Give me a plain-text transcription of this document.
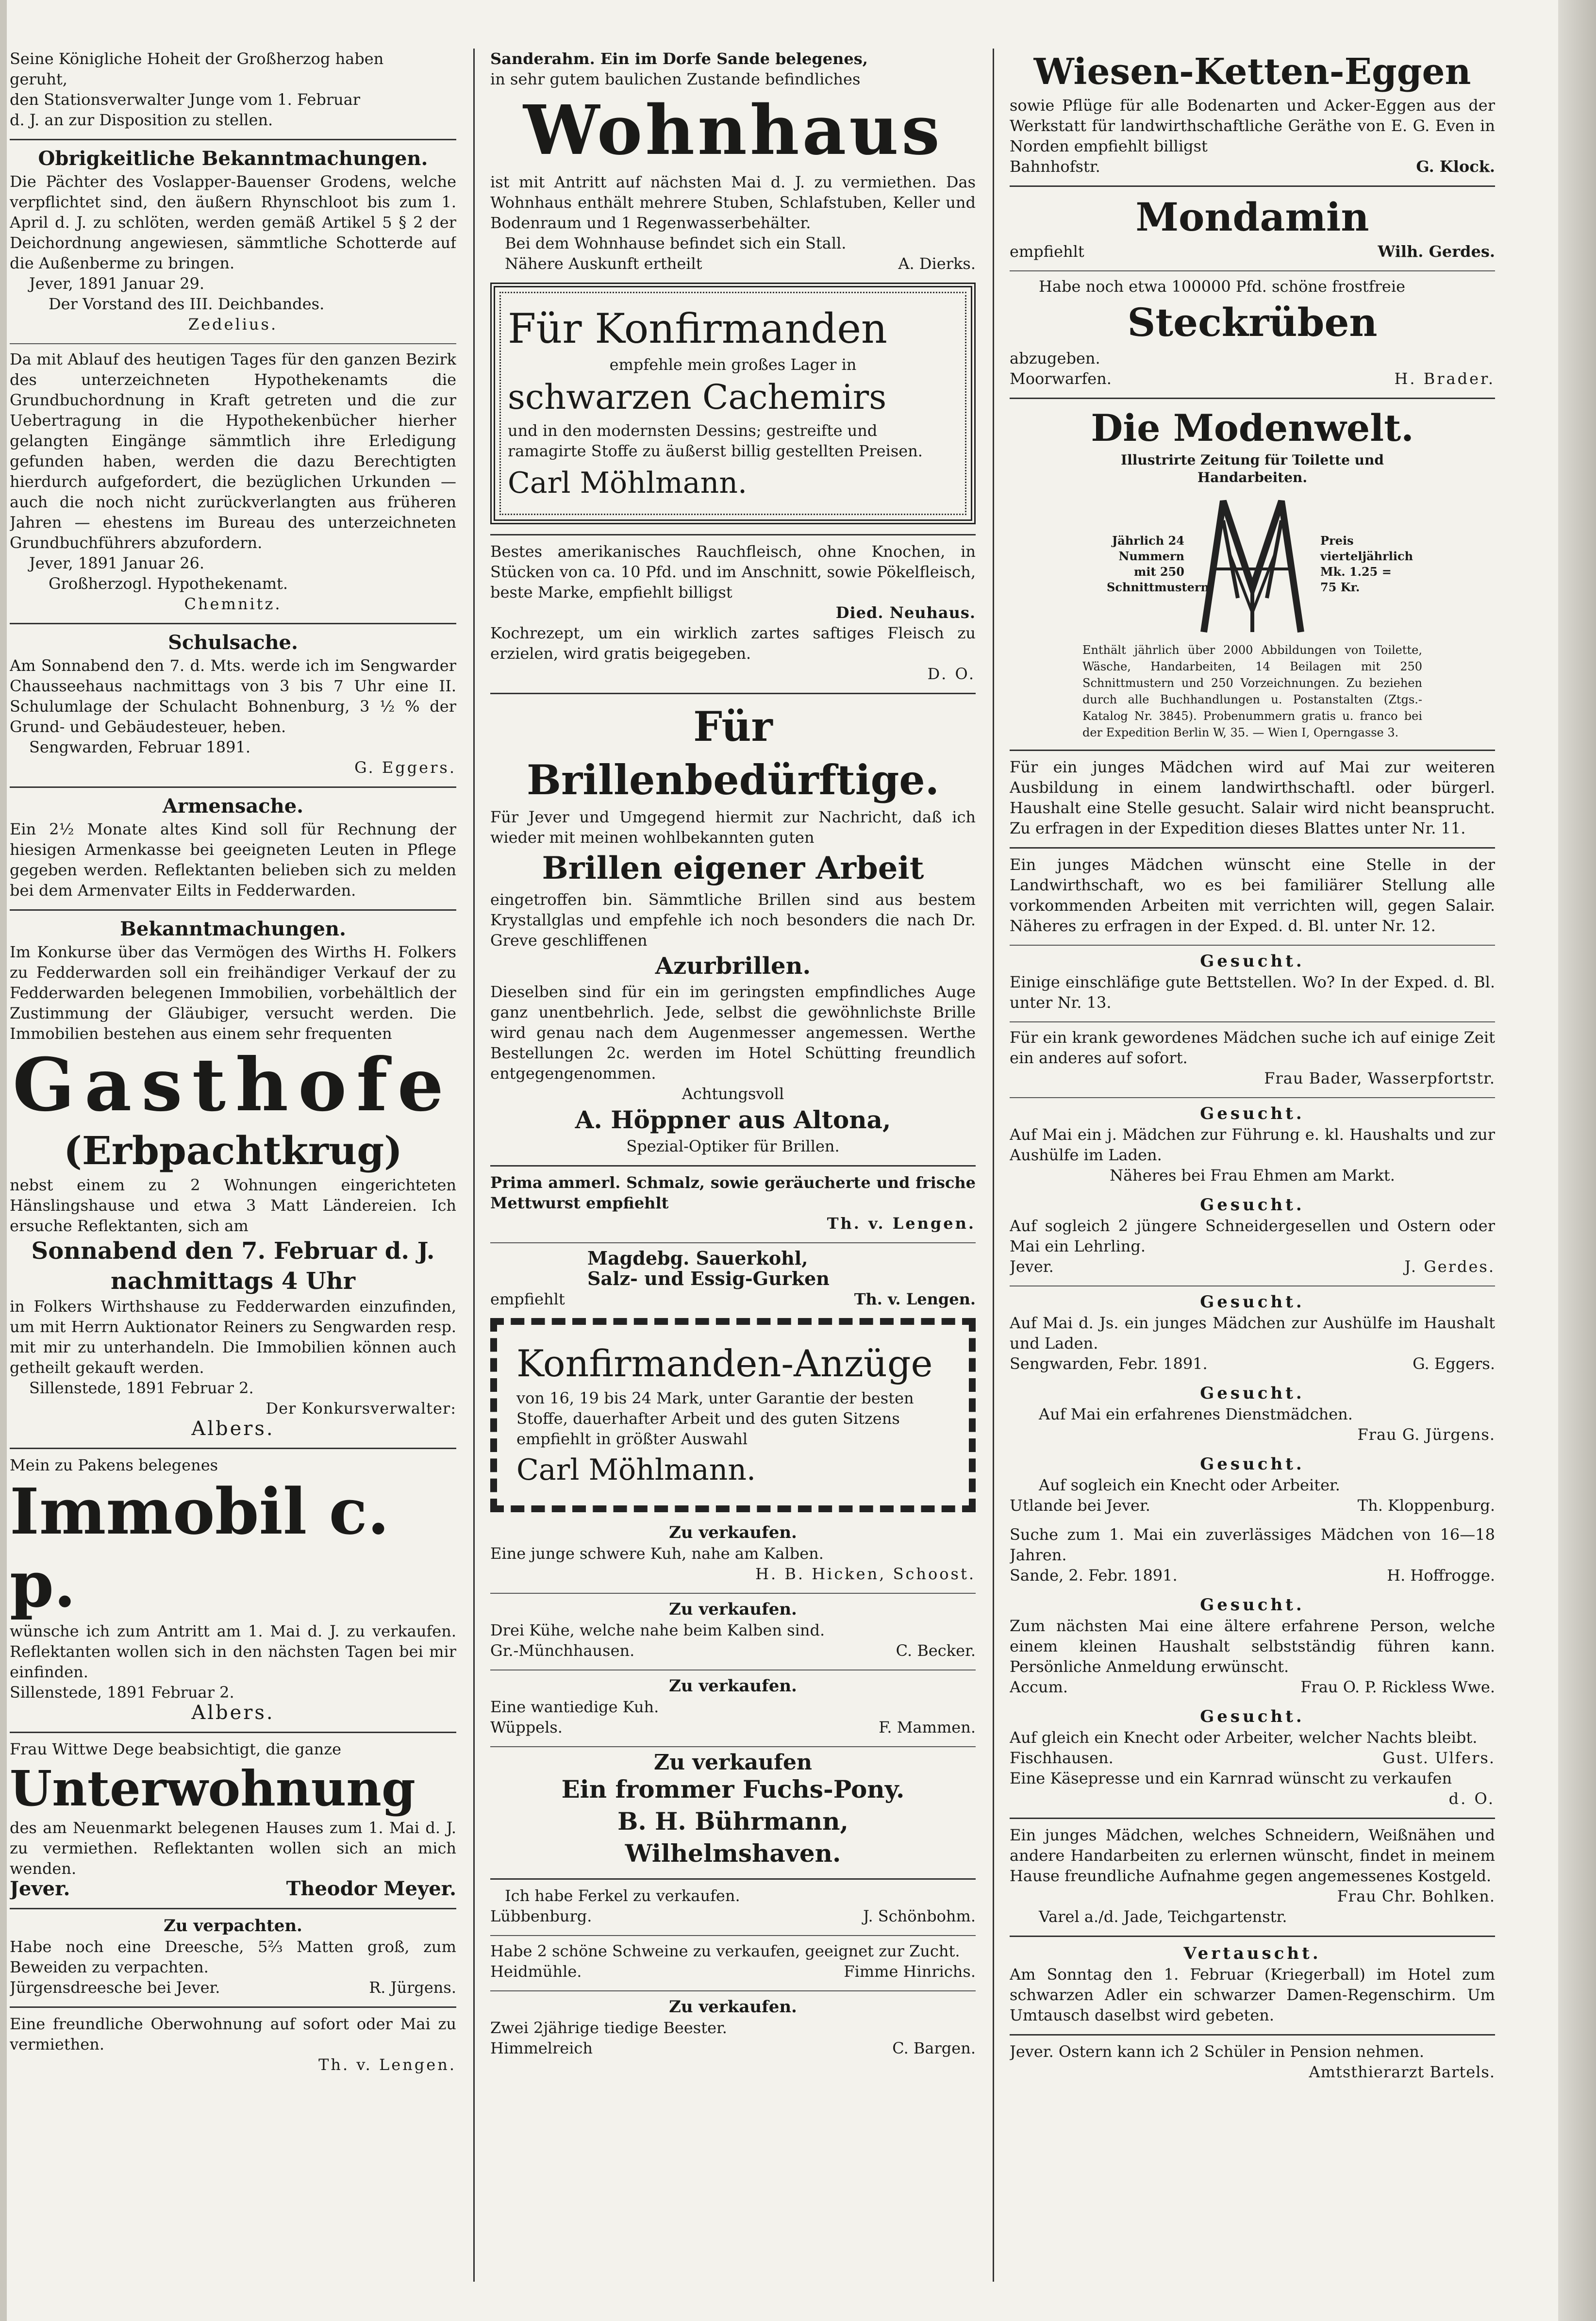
Seine Königliche Hoheit der Großherzog haben

geruht,

den Stationsverwalter Junge vom 1. Februar

d. J. an zur Disposition zu stellen.

Obrigkeitliche Bekanntmachungen.

Die Pächter des Voslapper-Bauenser Grodens, welche verpflichtet sind, den äußern Rhynschloot bis zum 1. April d. J. zu schlöten, werden gemäß Artikel 5 § 2 der Deichordnung angewiesen, sämmtliche Schotterde auf die Außenberme zu bringen.

Jever, 1891 Januar 29.

Der Vorstand des III. Deichbandes.

Zedelius.

Da mit Ablauf des heutigen Tages für den ganzen Bezirk des unterzeichneten Hypothekenamts die Grundbuchordnung in Kraft getreten und die zur Uebertragung in die Hypothekenbücher hierher gelangten Eingänge sämmtlich ihre Erledigung gefunden haben, werden die dazu Berechtigten hierdurch aufgefordert, die bezüglichen Urkunden — auch die noch nicht zurückverlangten aus früheren Jahren — ehestens im Bureau des unterzeichneten Grundbuchführers abzufordern.

Jever, 1891 Januar 26.

Großherzogl. Hypothekenamt.

Chemnitz.

Schulsache.

Am Sonnabend den 7. d. Mts. werde ich im Sengwarder Chausseehaus nachmittags von 3 bis 7 Uhr eine II. Schulumlage der Schulacht Bohnenburg, 3 ½ % der Grund- und Gebäudesteuer, heben.

Sengwarden, Februar 1891.

G. Eggers.

Armensache.

Ein 2½ Monate altes Kind soll für Rechnung der hiesigen Armenkasse bei geeigneten Leuten in Pflege gegeben werden. Reflektanten belieben sich zu melden bei dem Armenvater Eilts in Fedderwarden.

Bekanntmachungen.

Im Konkurse über das Vermögen des Wirths H. Folkers zu Fedderwarden soll ein freihändiger Verkauf der zu Fedderwarden belegenen Immobilien, vorbehältlich der Zustimmung der Gläubiger, versucht werden. Die Immobilien bestehen aus einem sehr frequenten

Gasthofe

(Erbpachtkrug)

nebst einem zu 2 Wohnungen eingerichteten Hänslingshause und etwa 3 Matt Ländereien. Ich ersuche Reflektanten, sich am

Sonnabend den 7. Februar d. J.

nachmittags 4 Uhr

in Folkers Wirthshause zu Fedderwarden einzufinden, um mit Herrn Auktionator Reiners zu Sengwarden resp. mit mir zu unterhandeln. Die Immobilien können auch getheilt gekauft werden.

Sillenstede, 1891 Februar 2.

Der Konkursverwalter:

Albers.

Mein zu Pakens belegenes

Immobil c. p.

wünsche ich zum Antritt am 1. Mai d. J. zu verkaufen. Reflektanten wollen sich in den nächsten Tagen bei mir einfinden.

Sillenstede, 1891 Februar 2.

Albers.

Frau Wittwe Dege beabsichtigt, die ganze

Unterwohnung

des am Neuenmarkt belegenen Hauses zum 1. Mai d. J. zu vermiethen. Reflektanten wollen sich an mich wenden.

Jever.	Theodor Meyer.

Zu verpachten.

Habe noch eine Dreesche, 5⅔ Matten groß, zum Beweiden zu verpachten.

Jürgensdreesche bei Jever.	R. Jürgens.

Eine freundliche Oberwohnung auf sofort oder Mai zu vermiethen.

Th. v. Lengen.

Sanderahm. Ein im Dorfe Sande belegenes,

in sehr gutem baulichen Zustande befindliches

Wohnhaus

ist mit Antritt auf nächsten Mai d. J. zu vermiethen. Das Wohnhaus enthält mehrere Stuben, Schlafstuben, Keller und Bodenraum und 1 Regenwasserbehälter.

Bei dem Wohnhause befindet sich ein Stall.

Nähere Auskunft ertheilt	A. Dierks.

Für Konfirmanden

empfehle mein großes Lager in

schwarzen Cachemirs

und in den modernsten Dessins; gestreifte und ramagirte Stoffe zu äußerst billig gestellten Preisen.

Carl Möhlmann.

Bestes amerikanisches Rauchfleisch, ohne Knochen, in Stücken von ca. 10 Pfd. und im Anschnitt, sowie Pökelfleisch, beste Marke, empfiehlt billigst

Died. Neuhaus.

Kochrezept, um ein wirklich zartes saftiges Fleisch zu erzielen, wird gratis beigegeben.

D. O.

Für Brillenbedürftige.

Für Jever und Umgegend hiermit zur Nachricht, daß ich wieder mit meinen wohlbekannten guten

Brillen eigener Arbeit

eingetroffen bin. Sämmtliche Brillen sind aus bestem Krystallglas und empfehle ich noch besonders die nach Dr. Greve geschliffenen

Azurbrillen.

Dieselben sind für ein im geringsten empfindliches Auge ganz unentbehrlich. Jede, selbst die gewöhnlichste Brille wird genau nach dem Augenmesser angemessen. Werthe Bestellungen 2c. werden im Hotel Schütting freundlich entgegengenommen.

Achtungsvoll

A. Höppner aus Altona,

Spezial-Optiker für Brillen.

Prima ammerl. Schmalz, sowie geräucherte und frische Mettwurst empfiehlt

Th. v. Lengen.

Magdebg. Sauerkohl,

Salz- und Essig-Gurken

empfiehlt	Th. v. Lengen.

Konfirmanden-Anzüge

von 16, 19 bis 24 Mark, unter Garantie der besten Stoffe, dauerhafter Arbeit und des guten Sitzens empfiehlt in größter Auswahl

Carl Möhlmann.

Zu verkaufen.

Eine junge schwere Kuh, nahe am Kalben.

H. B. Hicken, Schoost.

Zu verkaufen.

Drei Kühe, welche nahe beim Kalben sind.

Gr.-Münchhausen.	C. Becker.

Zu verkaufen.

Eine wantiedige Kuh.

Wüppels.	F. Mammen.

Zu verkaufen

Ein frommer Fuchs-Pony.

B. H. Bührmann,

Wilhelmshaven.

Ich habe Ferkel zu verkaufen.

Lübbenburg.	J. Schönbohm.

Habe 2 schöne Schweine zu verkaufen, geeignet zur Zucht.

Heidmühle.	Fimme Hinrichs.

Zu verkaufen.

Zwei 2jährige tiedige Beester.

Himmelreich	C. Bargen.

Wiesen-Ketten-Eggen

sowie Pflüge für alle Bodenarten und Acker-Eggen aus der Werkstatt für landwirthschaftliche Geräthe von E. G. Even in Norden empfiehlt billigst

Bahnhofstr.	G. Klock.

Mondamin

empfiehlt	Wilh. Gerdes.

Habe noch etwa 100000 Pfd. schöne frostfreie

Steckrüben

abzugeben.

Moorwarfen.	H. Brader.

Die Modenwelt.

Illustrirte Zeitung für Toilette und Handarbeiten.

Jährlich 24 Nummern mit 250 Schnittmustern.
Preis vierteljährlich Mk. 1.25 = 75 Kr.

Enthält jährlich über 2000 Abbildungen von Toilette, Wäsche, Handarbeiten, 14 Beilagen mit 250 Schnittmustern und 250 Vorzeichnungen. Zu beziehen durch alle Buchhandlungen u. Postanstalten (Ztgs.-Katalog Nr. 3845). Probenummern gratis u. franco bei der Expedition Berlin W, 35. — Wien I, Operngasse 3.

Für ein junges Mädchen wird auf Mai zur weiteren Ausbildung in einem landwirthschaftl. oder bürgerl. Haushalt eine Stelle gesucht. Salair wird nicht beansprucht. Zu erfragen in der Expedition dieses Blattes unter Nr. 11.

Ein junges Mädchen wünscht eine Stelle in der Landwirthschaft, wo es bei familiärer Stellung alle vorkommenden Arbeiten mit verrichten will, gegen Salair. Näheres zu erfragen in der Exped. d. Bl. unter Nr. 12.

Gesucht.

Einige einschläfige gute Bettstellen. Wo? In der Exped. d. Bl. unter Nr. 13.

Für ein krank gewordenes Mädchen suche ich auf einige Zeit ein anderes auf sofort.

Frau Bader, Wasserpfortstr.

Gesucht.

Auf Mai ein j. Mädchen zur Führung e. kl. Haushalts und zur Aushülfe im Laden.

Näheres bei Frau Ehmen am Markt.

Gesucht.

Auf sogleich 2 jüngere Schneidergesellen und Ostern oder Mai ein Lehrling.

Jever.	J. Gerdes.

Gesucht.

Auf Mai d. Js. ein junges Mädchen zur Aushülfe im Haushalt und Laden.

Sengwarden, Febr. 1891.	G. Eggers.

Gesucht.

Auf Mai ein erfahrenes Dienstmädchen.

Frau G. Jürgens.

Gesucht.

Auf sogleich ein Knecht oder Arbeiter.

Utlande bei Jever.	Th. Kloppenburg.

Suche zum 1. Mai ein zuverlässiges Mädchen von 16—18 Jahren.

Sande, 2. Febr. 1891.	H. Hoffrogge.

Gesucht.

Zum nächsten Mai eine ältere erfahrene Person, welche einem kleinen Haushalt selbstständig führen kann. Persönliche Anmeldung erwünscht.

Accum.	Frau O. P. Rickless Wwe.

Gesucht.

Auf gleich ein Knecht oder Arbeiter, welcher Nachts bleibt.

Fischhausen.	Gust. Ulfers.

Eine Käsepresse und ein Karnrad wünscht zu verkaufen

d. O.

Ein junges Mädchen, welches Schneidern, Weißnähen und andere Handarbeiten zu erlernen wünscht, findet in meinem Hause freundliche Aufnahme gegen angemessenes Kostgeld.

Frau Chr. Bohlken.

Varel a./d. Jade, Teichgartenstr.

Vertauscht.

Am Sonntag den 1. Februar (Kriegerball) im Hotel zum schwarzen Adler ein schwarzer Damen-Regenschirm. Um Umtausch daselbst wird gebeten.

Jever. Ostern kann ich 2 Schüler in Pension nehmen.

Amtsthierarzt Bartels.
